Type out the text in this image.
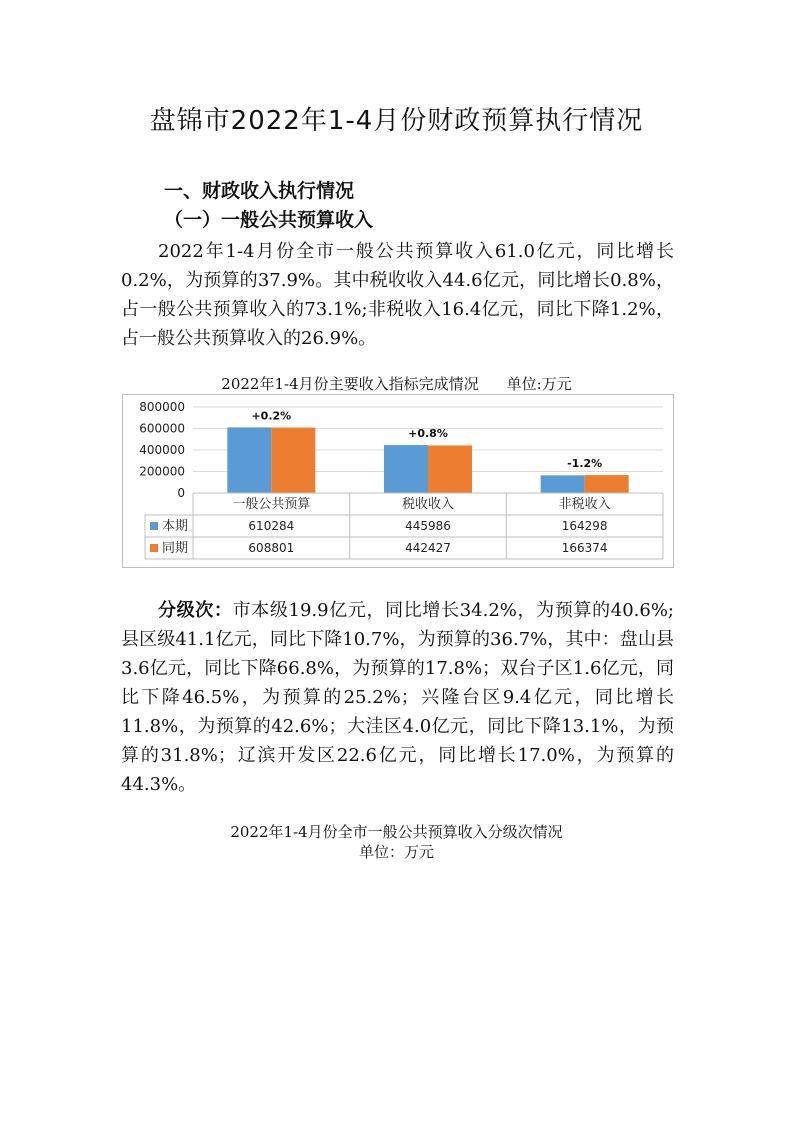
盘锦市2022年1-4月份财政预算执行情况
一、财政收入执行情况
（一）一般公共预算收入
2022年1-4月份全市一般公共预算收入61.0亿元，同比增长0.2%，为预算的37.9%。其中税收收入44.6亿元，同比增长0.8%，占一般公共预算收入的73.1%;非税收入16.4亿元，同比下降1.2%，占一般公共预算收入的26.9%。
2022年1-4月份主要收入指标完成情况 单位:万元
0
200000
400000
600000
800000
+0.2%
+0.8%
-1.2%
一般公共预算	税收收入	非税收入
本期	610284	445986	164298
同期	608801	442427	166374
分级次：市本级19.9亿元，同比增长34.2%，为预算的40.6%;县区级41.1亿元，同比下降10.7%，为预算的36.7%，其中：盘山县3.6亿元，同比下降66.8%，为预算的17.8%；双台子区1.6亿元，同比下降46.5%，为预算的25.2%；兴隆台区9.4亿元，同比增长11.8%，为预算的42.6%；大洼区4.0亿元，同比下降13.1%，为预算的31.8%；辽滨开发区22.6亿元，同比增长17.0%，为预算的44.3%。
2022年1-4月份全市一般公共预算收入分级次情况
单位：万元
